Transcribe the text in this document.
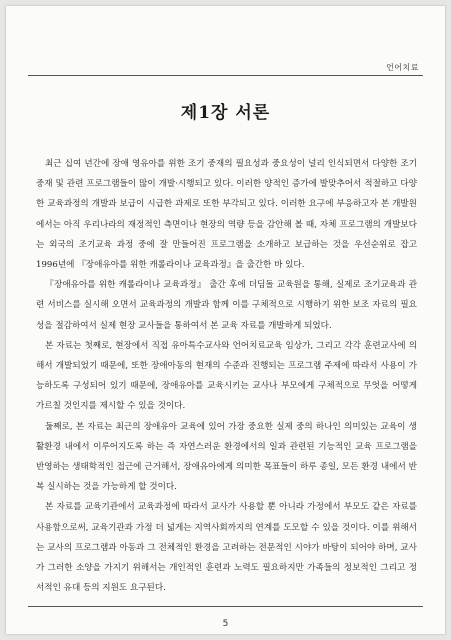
언어치료
제1장 서론

최근 십여 년간에 장애 영유아를 위한 조기 중재의 필요성과 중요성이 널리 인식되면서 다양한 조기 중재 및 관련 프로그램들이 많이 개발·시행되고 있다. 이러한 양적인 증가에 발맞추어서 적절하고 다양한 교육과정의 개발과 보급이 시급한 과제로 또한 부각되고 있다. 이러한 요구에 부응하고자 본 개발원에서는 아직 우리나라의 재정적인 측면이나 현장의 역량 등을 감안해 볼 때, 자체 프로그램의 개발보다는 외국의 조기교육 과정 중에 잘 만들어진 프로그램을 소개하고 보급하는 것을 우선순위로 잡고 1996년에 『장애유아를 위한 캐롤라이나 교육과정』을 출간한 바 있다.

『장애유아를 위한 캐롤라이나 교육과정』 출간 후에 더딤돌 교육원을 통해, 실제로 조기교육과 관련 서비스를 실시해 오면서 교육과정의 개발과 함께 이를 구체적으로 시행하기 위한 보조 자료의 필요성을 절감하여서 실제 현장 교사들을 통하여서 본 교육 자료를 개발하게 되었다.

본 자료는 첫째로, 현장에서 직접 유아특수교사와 언어치료교육 임상가, 그리고 각각 훈련교사에 의해서 개발되었기 때문에, 또한 장애아동의 현재의 수준과 진행되는 프로그램 주제에 따라서 사용이 가능하도록 구성되어 있기 때문에, 장애유아를 교육시키는 교사나 부모에게 구체적으로 무엇을 어떻게 가르칠 것인지를 제시할 수 있을 것이다.

둘째로, 본 자료는 최근의 장애유아 교육에 있어 가장 중요한 실제 중의 하나인 의미있는 교육이 생활환경 내에서 이루어지도록 하는 즉 자연스러운 환경에서의 일과 관련된 기능적인 교육 프로그램을 반영하는 생태학적인 접근에 근거해서, 장애유아에게 의미한 목표들이 하루 종일, 모든 환경 내에서 반복 실시하는 것을 가능하게 할 것이다.

본 자료를 교육기관에서 교육과정에 따라서 교사가 사용할 뿐 아니라 가정에서 부모도 같은 자료를 사용함으로써, 교육기관과 가정 더 넓게는 지역사회까지의 연계를 도모할 수 있을 것이다. 이를 위해서는 교사의 프로그램과 아동과 그 전체적인 환경을 고려하는 전문적인 시야가 바탕이 되어야 하며, 교사가 그러한 소양을 가지기 위해서는 개인적인 훈련과 노력도 필요하지만 가족들의 정보적인 그리고 정서적인 유대 등의 지원도 요구된다.

5
